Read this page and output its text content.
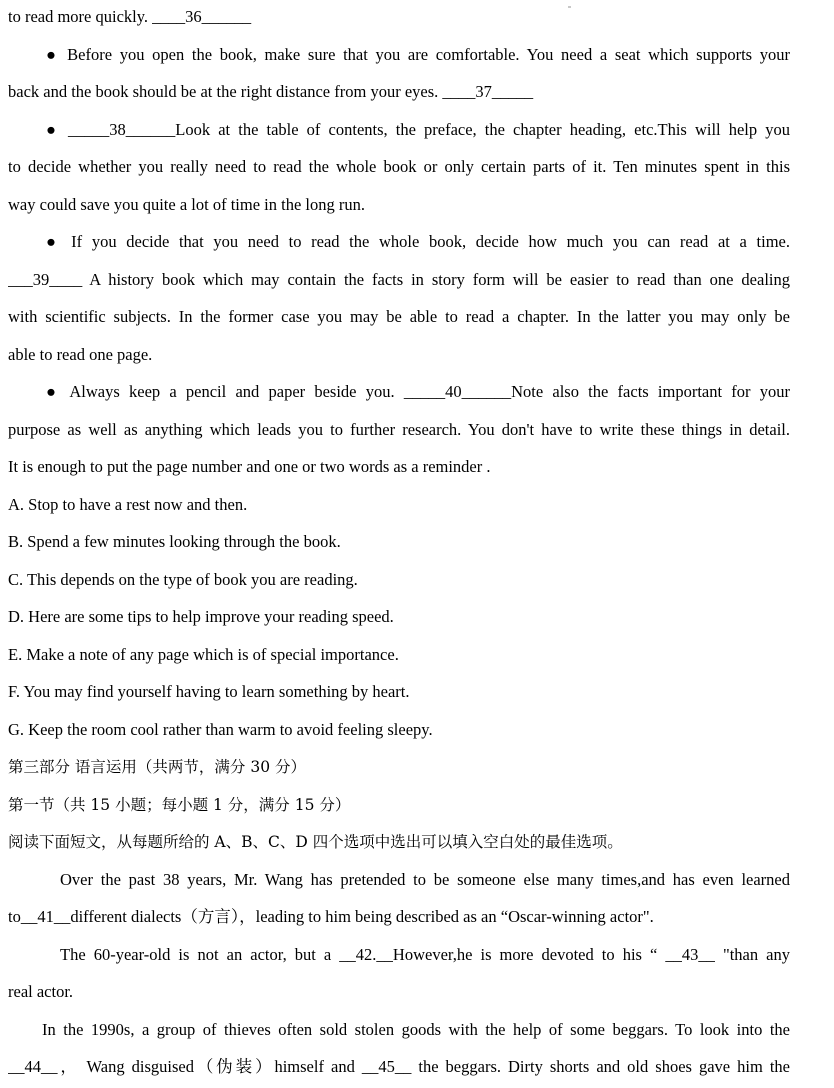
to read more quickly. ____36______
● Before you open the book, make sure that you are comfortable. You need a seat which supports your
back and the book should be at the right distance from your eyes. ____37_____
● _____38______Look at the table of contents, the preface, the chapter heading, etc.This will help you
to decide whether you really need to read the whole book or only certain parts of it. Ten minutes spent in this
way could save you quite a lot of time in the long run.
● If you decide that you need to read the whole book, decide how much you can read at a time.
___39____ A history book which may contain the facts in story form will be easier to read than one dealing
with scientific subjects. In the former case you may be able to read a chapter. In the latter you may only be
able to read one page.
● Always keep a pencil and paper beside you. _____40______Note also the facts important for your
purpose as well as anything which leads you to further research. You don't have to write these things in detail.
It is enough to put the page number and one or two words as a reminder .
A. Stop to have a rest now and then.
B. Spend a few minutes looking through the book.
C. This depends on the type of book you are reading.
D. Here are some tips to help improve your reading speed.
E. Make a note of any page which is of special importance.
F. You may find yourself having to learn something by heart.
G. Keep the room cool rather than warm to avoid feeling sleepy.
第三部分 语言运用（共两节，满分 30 分）
第一节（共 15 小题；每小题 1 分，满分 15 分）
阅读下面短文，从每题所给的 A、B、C、D 四个选项中选出可以填入空白处的最佳选项。
Over the past 38 years, Mr. Wang has pretended to be someone else many times,and has even learned
to__41__different dialects（方言），leading to him being described as an “Oscar-winning actor".
The 60-year-old is not an actor, but a __42.__However,he is more devoted to his “ __43__ "than any
real actor.
In the 1990s, a group of thieves often sold stolen goods with the help of some beggars. To look into the
__44__， Wang disguised（伪装）himself and __45__ the beggars. Dirty shorts and old shoes gave him the
